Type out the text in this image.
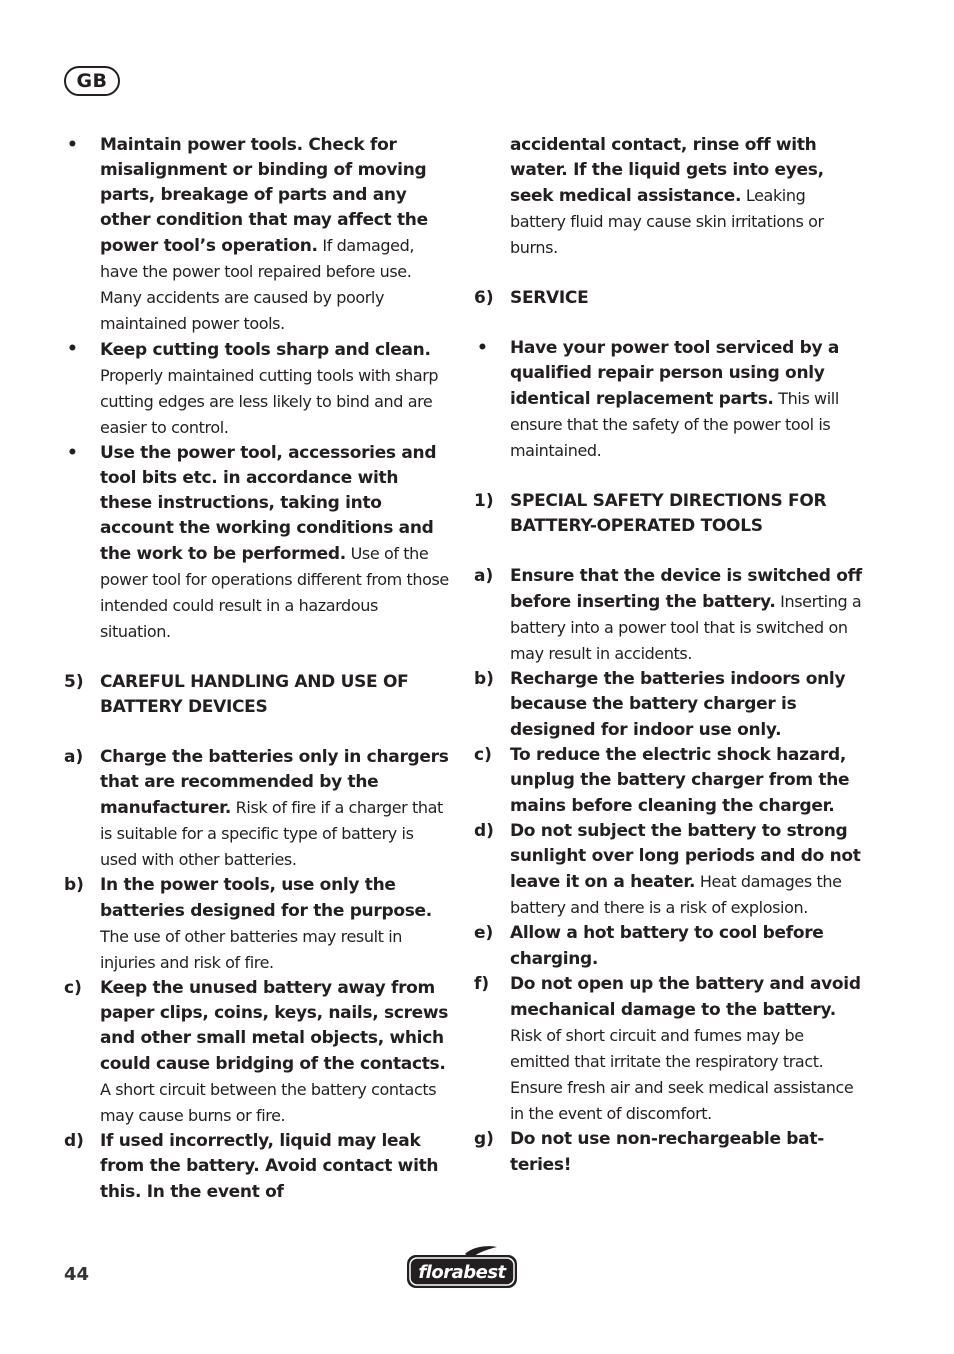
GB
• Maintain power tools. Check for misalignment or binding of moving parts, breakage of parts and any other condition that may affect the power tool’s operation. If damaged, have the power tool repaired before use. Many accidents are caused by poorly maintained power tools.
• Keep cutting tools sharp and clean. Properly maintained cutting tools with sharp cutting edges are less likely to bind and are easier to control.
• Use the power tool, accessories and tool bits etc. in accordance with these instructions, taking into account the working conditions and the work to be performed. Use of the power tool for operations different from those intended could result in a hazardous situation.
5) CAREFUL HANDLING AND USE OF BATTERY DEVICES
a) Charge the batteries only in chargers that are recommended by the manufacturer. Risk of fire if a charger that is suitable for a specific type of battery is used with other batteries.
b) In the power tools, use only the batteries designed for the purpose. The use of other batteries may result in injuries and risk of fire.
c) Keep the unused battery away from paper clips, coins, keys, nails, screws and other small metal objects, which could cause bridging of the contacts. A short circuit between the battery contacts may cause burns or fire.
d) If used incorrectly, liquid may leak from the battery. Avoid contact with this. In the event of
accidental contact, rinse off with water. If the liquid gets into eyes, seek medical assistance. Leaking battery fluid may cause skin irritations or burns.
6) SERVICE
• Have your power tool serviced by a qualified repair person using only identical replacement parts. This will ensure that the safety of the power tool is maintained.
1) SPECIAL SAFETY DIRECTIONS FOR BATTERY-OPERATED TOOLS
a) Ensure that the device is switched off before inserting the battery. Inserting a battery into a power tool that is switched on may result in accidents.
b) Recharge the batteries indoors only because the battery charger is designed for indoor use only.
c) To reduce the electric shock hazard, unplug the battery charger from the mains before cleaning the charger.
d) Do not subject the battery to strong sunlight over long periods and do not leave it on a heater. Heat damages the battery and there is a risk of explosion.
e) Allow a hot battery to cool before charging.
f) Do not open up the battery and avoid mechanical damage to the battery. Risk of short circuit and fumes may be emitted that irritate the respiratory tract. Ensure fresh air and seek medical assistance in the event of discomfort.
g) Do not use non-rechargeable batteries!
44	florabest
